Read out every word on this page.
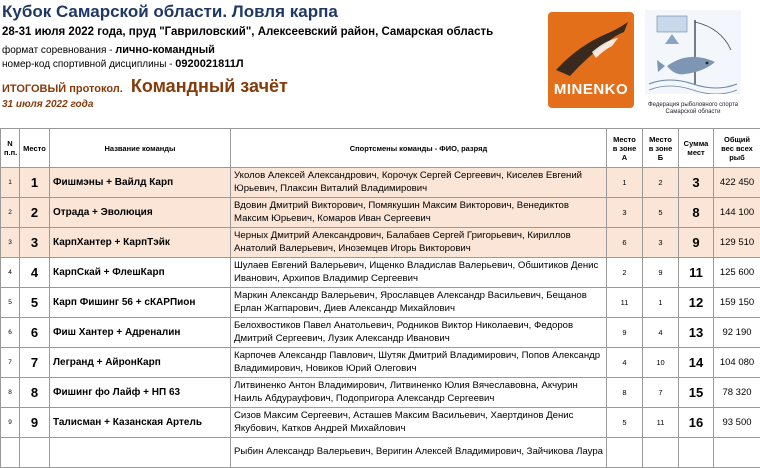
Кубок Самарской области. Ловля карпа
28-31 июля 2022 года, пруд "Гавриловский", Алексеевский район, Самарская область
формат соревнования - лично-командный
номер-код спортивной дисциплины - 0920021811Л
ИТОГОВЫЙ протокол. Командный зачёт
31 июля 2022 года
MINENKO
Федерация рыболовного спорта Самарской области
N п.п.	Место	Название команды	Спортсмены команды - ФИО, разряд	Место в зоне А	Место в зоне Б	Сумма мест	Общий вес всех рыб
1	1	Фишмэны + Вайлд Карп	Уколов Алексей Александрович, Корочук Сергей Сергеевич, Киселев Евгений Юрьевич, Плаксин Виталий Владимирович	1	2	3	422 450
2	2	Отрада + Эволюция	Вдовин Дмитрий Викторович, Помякушин Максим Викторович, Венедиктов Максим Юрьевич, Комаров Иван Сергеевич	3	5	8	144 100
3	3	КарпХантер + КарпТэйк	Черных Дмитрий Александрович, Балабаев Сергей Григорьевич, Кириллов Анатолий Валерьевич, Иноземцев Игорь Викторович	6	3	9	129 510
4	4	КарпСкай + ФлешКарп	Шулаев Евгений Валерьевич, Ищенко Владислав Валерьевич, Обшитиков Денис Иванович, Архипов Владимир Сергеевич	2	9	11	125 600
5	5	Карп Фишинг 56 + сКАРПион	Маркин Александр Валерьевич, Ярославцев Александр Васильевич, Бещанов Ерлан Жагпарович, Диев Александр Михайлович	11	1	12	159 150
6	6	Фиш Хантер + Адреналин	Белохвостиков Павел Анатольевич, Родников Виктор Николаевич, Федоров Дмитрий Сергеевич, Лузик Александр Иванович	9	4	13	92 190
7	7	Легранд + АйронКарп	Карпочев Александр Павлович, Шутяк Дмитрий Владимирович, Попов Александр Владимирович, Новиков Юрий Олегович	4	10	14	104 080
8	8	Фишинг фо Лайф + НП 63	Литвиненко Антон Владимирович, Литвиненко Юлия Вячеславовна, Акчурин Наиль Абдурауфович, Подопригора Александр Сергеевич	8	7	15	78 320
9	9	Талисман + Казанская Артель	Сизов Максим Сергеевич, Асташев Максим Васильевич, Хаертдинов Денис Якубович, Катков Андрей Михайлович	5	11	16	93 500
			Рыбин Александр Валерьевич, Веригин Алексей Владимирович, Зайчикова Лаура				
